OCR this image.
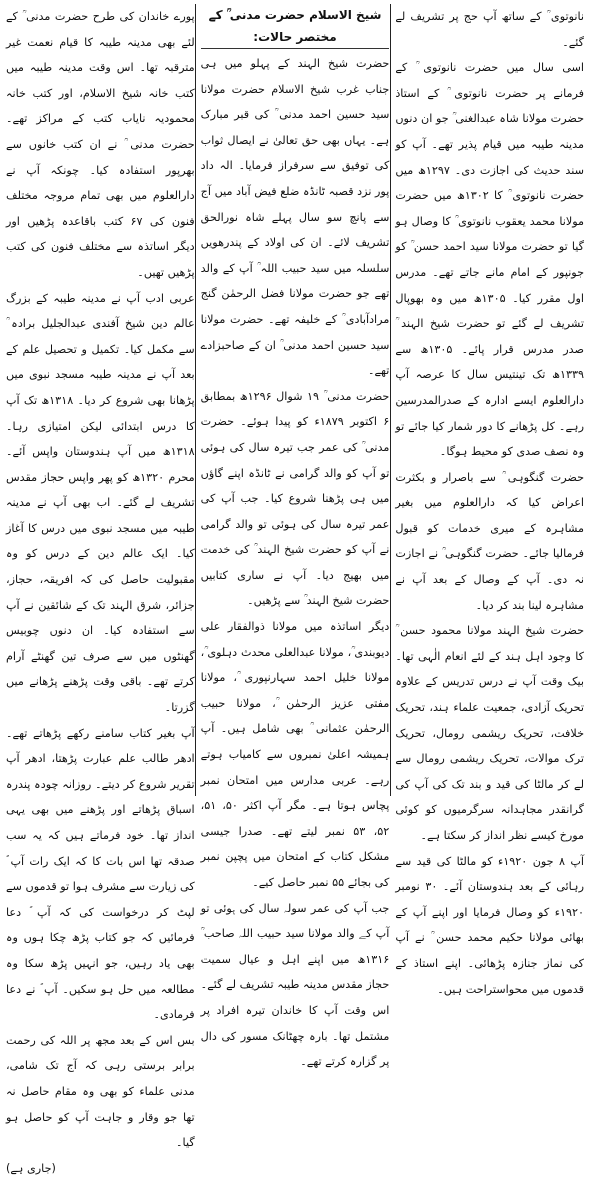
نانوتوی ؒ کے ساتھ آپ حج پر تشریف لے گئے۔

اسی سال میں حضرت نانوتوی ؒ کے فرمانے پر حضرت نانوتوی ؒ کے استاذ حضرت مولانا شاہ عبدالغنی ؒ جو ان دنوں مدینہ طیبہ میں قیام پذیر تھے۔ آپ کو سند حدیث کی اجازت دی۔ ۱۲۹۷ھ میں حضرت نانوتوی ؒ کا ۱۳۰۲ھ میں حضرت مولانا محمد یعقوب نانوتوی ؒ کا وصال ہو گیا تو حضرت مولانا سید احمد حسن ؒ کو جونپور کے امام مانے جاتے تھے۔ مدرس اول مقرر کیا۔ ۱۳۰۵ھ میں وہ بھوپال تشریف لے گئے تو حضرت شیخ الہند ؒ صدر مدرس قرار پائے۔ ۱۳۰۵ھ سے ۱۳۳۹ھ تک تینتیس سال کا عرصہ آپ دارالعلوم ایسے ادارہ کے صدرالمدرسین رہے۔ کل پڑھانے کا دور شمار کیا جائے تو وہ نصف صدی کو محیط ہوگا۔

حضرت گنگوہی ؒ سے باصرار و بکثرت اعراض کیا کہ دارالعلوم میں بغیر مشاہرہ کے میری خدمات کو قبول فرمالیا جائے۔ حضرت گنگوہی ؒ نے اجازت نہ دی۔ آپ کے وصال کے بعد آپ نے مشاہرہ لینا بند کر دیا۔

حضرت شیخ الہند مولانا محمود حسن ؒ کا وجود اہل ہند کے لئے انعام الٰہی تھا۔ بیک وقت آپ نے درس تدریس کے علاوہ تحریک آزادی، جمعیت علماء ہند، تحریک خلافت، تحریک ریشمی رومال، تحریک ترک موالات، تحریک ریشمی رومال سے لے کر مالٹا کی قید و بند تک کی آپ کی گرانقدر مجاہدانہ سرگرمیوں کو کوئی مورخ کیسے نظر انداز کر سکتا ہے۔

آپ ۸ جون ۱۹۲۰ء کو مالٹا کی قید سے رہائی کے بعد ہندوستان آئے۔ ۳۰ نومبر ۱۹۲۰ء کو وصال فرمایا اور اپنے آپ کے بھائی مولانا حکیم محمد حسن ؒ نے آپ کی نماز جنازہ پڑھائی۔ اپنے استاذ کے قدموں میں محواستراحت ہیں۔

شیخ الاسلام حضرت مدنی ؒ کے مختصر حالات:

حضرت شیخ الہند کے پہلو میں ہی جناب غرب شیخ الاسلام حضرت مولانا سید حسین احمد مدنی ؒ کی قبر مبارک ہے۔ یہاں بھی حق تعالیٰ نے ایصال ثواب کی توفیق سے سرفراز فرمایا۔ الہ داد پور نزد قصبہ ٹانڈہ ضلع فیض آباد میں آج سے پانچ سو سال پہلے شاہ نورالحق تشریف لائے۔ ان کی اولاد کے پندرھویں سلسلہ میں سید حبیب اللہ ؒ آپ کے والد تھے جو حضرت مولانا فضل الرحمٰن گنج مرادآبادی ؒ کے خلیفہ تھے۔ حضرت مولانا سید حسین احمد مدنی ؒ ان کے صاحبزادے تھے۔

حضرت مدنی ؒ ۱۹ شوال ۱۲۹۶ھ بمطابق ۶ اکتوبر ۱۸۷۹ء کو پیدا ہوئے۔ حضرت مدنی ؒ کی عمر جب تیرہ سال کی ہوئی تو آپ کو والد گرامی نے ٹانڈہ اپنے گاؤں میں ہی پڑھنا شروع کیا۔ جب آپ کی عمر تیرہ سال کی ہوئی تو والد گرامی نے آپ کو حضرت شیخ الہند ؒ کی خدمت میں بھیج دیا۔ آپ نے ساری کتابیں حضرت شیخ الہند ؒ سے پڑھیں۔

دیگر اساتذہ میں مولانا ذوالفقار علی دیوبندی ؒ، مولانا عبدالعلی محدث دہلوی ؒ، مولانا خلیل احمد سہارنپوری ؒ، مولانا مفتی عزیز الرحمٰن ؒ، مولانا حبیب الرحمٰن عثمانی ؒ بھی شامل ہیں۔ آپ ہمیشہ اعلیٰ نمبروں سے کامیاب ہوتے رہے۔ عربی مدارس میں امتحان نمبر پچاس ہوتا ہے۔ مگر آپ اکثر ۵۰، ۵۱، ۵۲، ۵۳ نمبر لیتے تھے۔ صدرا جیسی مشکل کتاب کے امتحان میں پچپن نمبر کی بجائے ۵۵ نمبر حاصل کیے۔

جب آپ کی عمر سولہ سال کی ہوئی تو آپ کے والد مولانا سید حبیب اللہ صاحب ؒ ۱۳۱۶ھ میں اپنے اہل و عیال سمیت حجاز مقدس مدینہ طیبہ تشریف لے گئے۔ اس وقت آپ کا خاندان تیرہ افراد پر مشتمل تھا۔ بارہ چھٹانک مسور کی دال پر گزارہ کرتے تھے۔

پورے خاندان کی طرح حضرت مدنی ؒ کے لئے بھی مدینہ طیبہ کا قیام نعمت غیر مترقبہ تھا۔ اس وقت مدینہ طیبہ میں کتب خانہ شیخ الاسلام، اور کتب خانہ محمودیہ نایاب کتب کے مراکز تھے۔ حضرت مدنی ؒ نے ان کتب خانوں سے بھرپور استفادہ کیا۔ چونکہ آپ نے دارالعلوم میں بھی تمام مروجہ مختلف فنون کی ۶۷ کتب باقاعدہ پڑھیں اور دیگر اساتذہ سے مختلف فنون کی کتب پڑھیں تھیں۔

عربی ادب آپ نے مدینہ طیبہ کے بزرگ عالم دین شیخ آفندی عبدالجلیل برادہ ؒ سے مکمل کیا۔ تکمیل و تحصیل علم کے بعد آپ نے مدینہ طیبہ مسجد نبوی میں پڑھانا بھی شروع کر دیا۔ ۱۳۱۸ھ تک آپ کا درس ابتدائی لیکن امتیازی رہا۔ ۱۳۱۸ھ میں آپ ہندوستان واپس آئے۔ محرم ۱۳۲۰ھ کو پھر واپس حجاز مقدس تشریف لے گئے۔ اب بھی آپ نے مدینہ طیبہ میں مسجد نبوی میں درس کا آغاز کیا۔ ایک عالم دین کے درس کو وہ مقبولیت حاصل کی کہ افریقہ، حجاز، جزائر، شرق الہند تک کے شائقین نے آپ سے استفادہ کیا۔ ان دنوں چوبیس گھنٹوں میں سے صرف تین گھنٹے آرام کرتے تھے۔ باقی وقت پڑھنے پڑھانے میں گزرتا۔

آپ بغیر کتاب سامنے رکھے پڑھاتے تھے۔ ادھر طالب علم عبارت پڑھتا، ادھر آپ تقریر شروع کر دیتے۔ روزانہ چودہ پندرہ اسباق پڑھاتے اور پڑھنے میں بھی یہی انداز تھا۔ خود فرماتے ہیں کہ یہ سب صدقہ تھا اس بات کا کہ ایک رات آپ ؐ کی زیارت سے مشرف ہوا تو قدموں سے لپٹ کر درخواست کی کہ آپ ؐ دعا فرمائیں کہ جو کتاب پڑھ چکا ہوں وہ بھی یاد رہیں، جو انہیں پڑھ سکا وہ مطالعہ میں حل ہو سکیں۔ آپ ؐ نے دعا فرمادی۔

بس اس کے بعد مجھ پر اللہ کی رحمت برابر برستی رہی کہ آج تک شامی، مدنی علماء کو بھی وہ مقام حاصل نہ تھا جو وقار و جاہت آپ کو حاصل ہو گیا۔

(جاری ہے)
